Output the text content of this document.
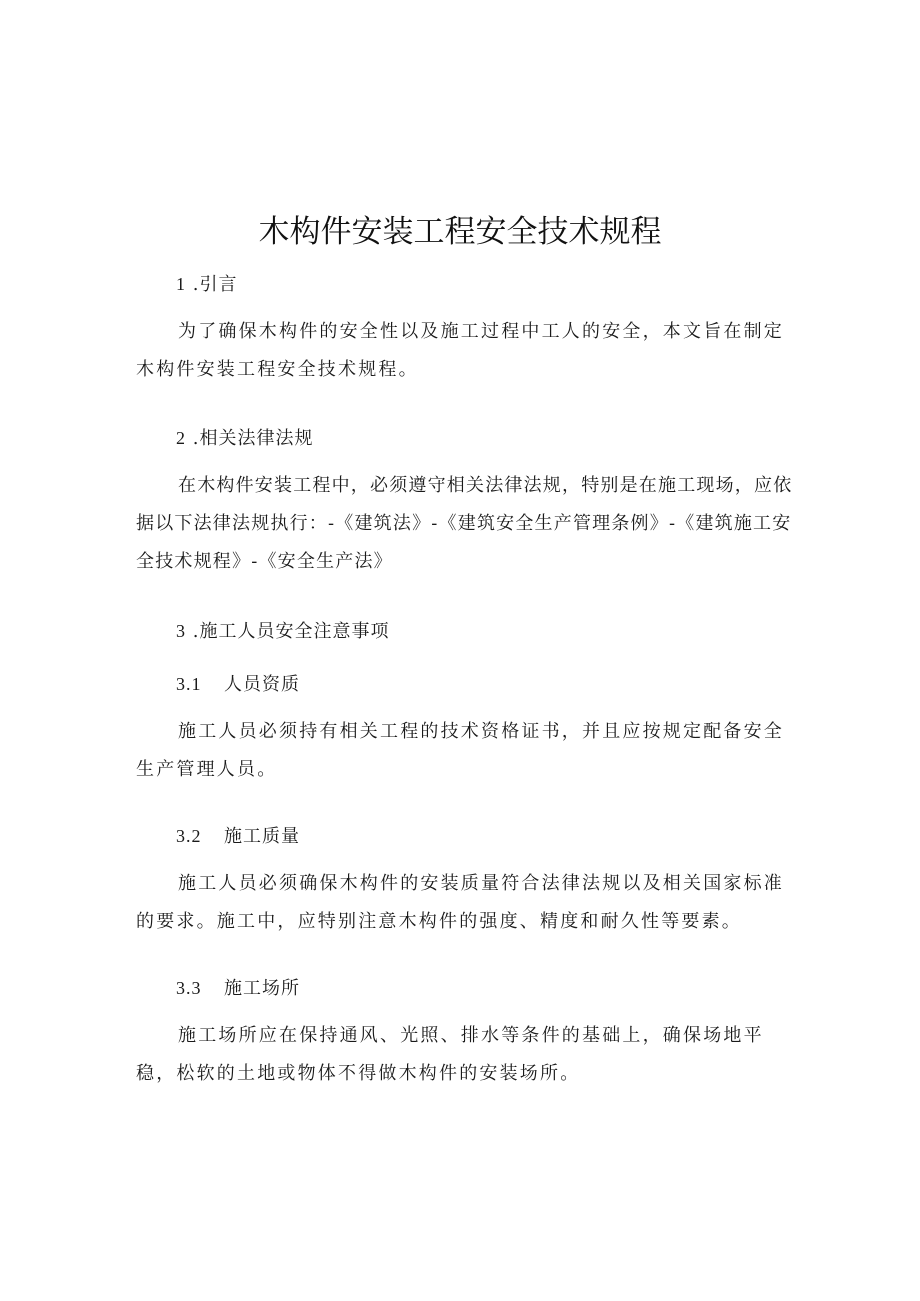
木构件安装工程安全技术规程
1 .引言
为了确保木构件的安全性以及施工过程中工人的安全，本文旨在制定木构件安装工程安全技术规程。
2 .相关法律法规
在木构件安装工程中，必须遵守相关法律法规，特别是在施工现场，应依据以下法律法规执行：-《建筑法》-《建筑安全生产管理条例》-《建筑施工安全技术规程》-《安全生产法》
3 .施工人员安全注意事项
3.1 人员资质
施工人员必须持有相关工程的技术资格证书，并且应按规定配备安全生产管理人员。
3.2 施工质量
施工人员必须确保木构件的安装质量符合法律法规以及相关国家标准的要求。施工中，应特别注意木构件的强度、精度和耐久性等要素。
3.3 施工场所
施工场所应在保持通风、光照、排水等条件的基础上，确保场地平稳，松软的土地或物体不得做木构件的安装场所。
